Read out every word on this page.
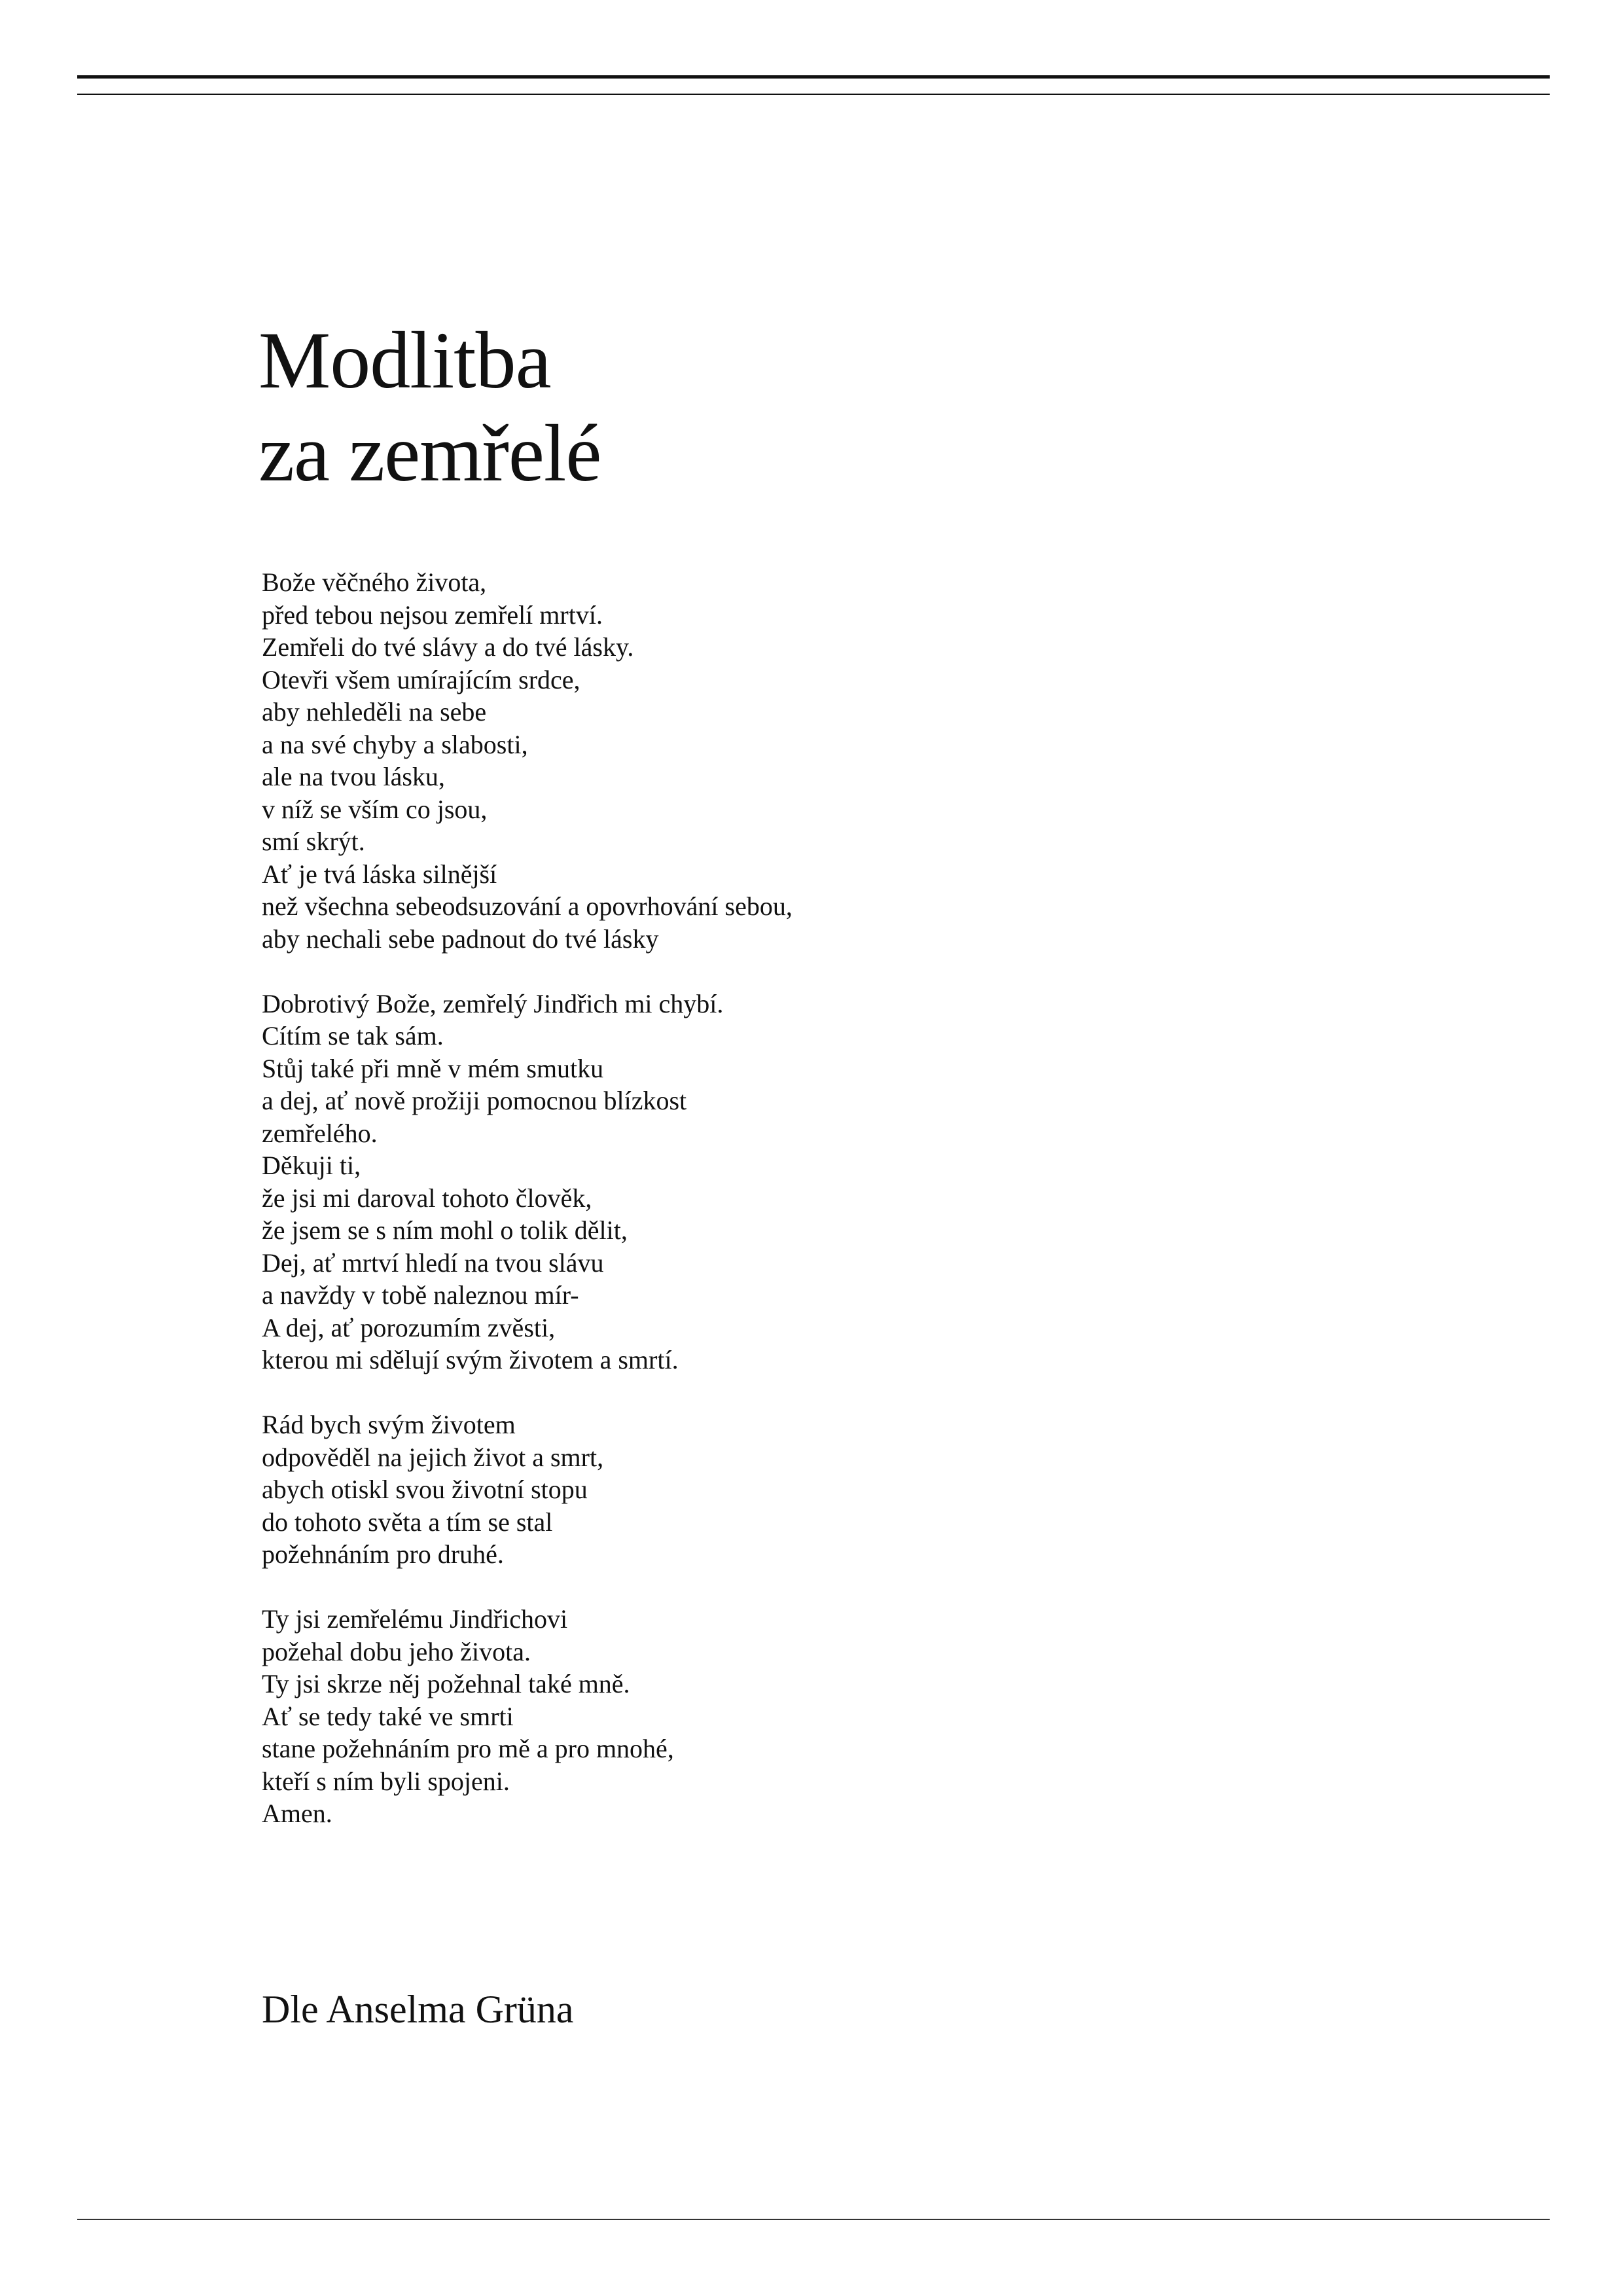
Modlitba
za zemřelé

Bože věčného života,
před tebou nejsou zemřelí mrtví.
Zemřeli do tvé slávy a do tvé lásky.
Otevři všem umírajícím srdce,
aby nehleděli na sebe
a na své chyby a slabosti,
ale na tvou lásku,
v níž se vším co jsou,
smí skrýt.
Ať je tvá láska silnější
než všechna sebeodsuzování a opovrhování sebou,
aby nechali sebe padnout do tvé lásky

Dobrotivý Bože, zemřelý Jindřich mi chybí.
Cítím se tak sám.
Stůj také při mně v mém smutku
a dej, ať nově prožiji pomocnou blízkost
zemřelého.
Děkuji ti,
že jsi mi daroval tohoto člověk,
že jsem se s ním mohl o tolik dělit,
Dej, ať mrtví hledí na tvou slávu
a navždy v tobě naleznou mír-
A dej, ať porozumím zvěsti,
kterou mi sdělují svým životem a smrtí.

Rád bych svým životem
odpověděl na jejich život a smrt,
abych otiskl svou životní stopu
do tohoto světa a tím se stal
požehnáním pro druhé.

Ty jsi zemřelému Jindřichovi
požehal dobu jeho života.
Ty jsi skrze něj požehnal také mně.
Ať se tedy také ve smrti
stane požehnáním pro mě a pro mnohé,
kteří s ním byli spojeni.
Amen.

Dle Anselma Grüna
